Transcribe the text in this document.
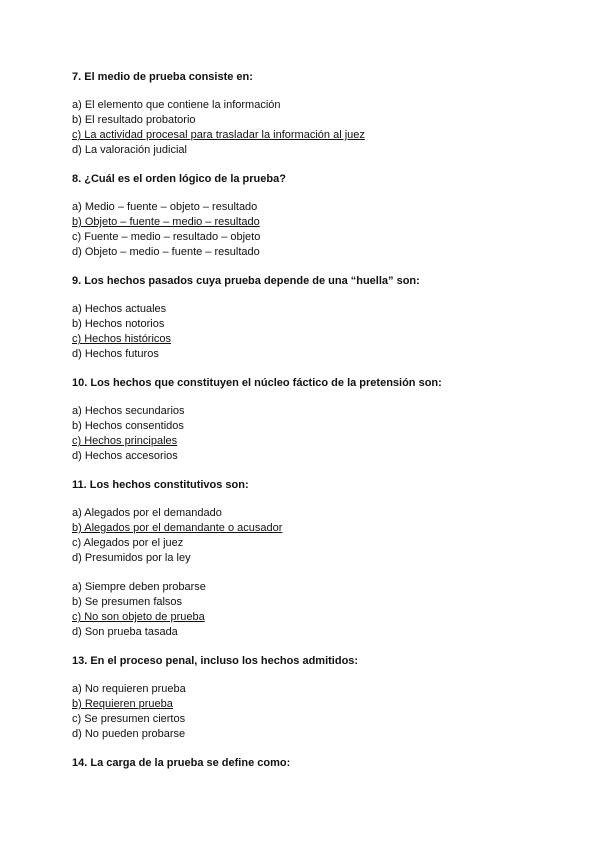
7. El medio de prueba consiste en:

a) El elemento que contiene la información

b) El resultado probatorio

c) La actividad procesal para trasladar la información al juez

d) La valoración judicial

8. ¿Cuál es el orden lógico de la prueba?

a) Medio – fuente – objeto – resultado

b) Objeto – fuente – medio – resultado

c) Fuente – medio – resultado – objeto

d) Objeto – medio – fuente – resultado

9. Los hechos pasados cuya prueba depende de una “huella” son:

a) Hechos actuales

b) Hechos notorios

c) Hechos históricos

d) Hechos futuros

10. Los hechos que constituyen el núcleo fáctico de la pretensión son:

a) Hechos secundarios

b) Hechos consentidos

c) Hechos principales

d) Hechos accesorios

11. Los hechos constitutivos son:

a) Alegados por el demandado

b) Alegados por el demandante o acusador

c) Alegados por el juez

d) Presumidos por la ley

a) Siempre deben probarse

b) Se presumen falsos

c) No son objeto de prueba

d) Son prueba tasada

13. En el proceso penal, incluso los hechos admitidos:

a) No requieren prueba

b) Requieren prueba

c) Se presumen ciertos

d) No pueden probarse

14. La carga de la prueba se define como:
